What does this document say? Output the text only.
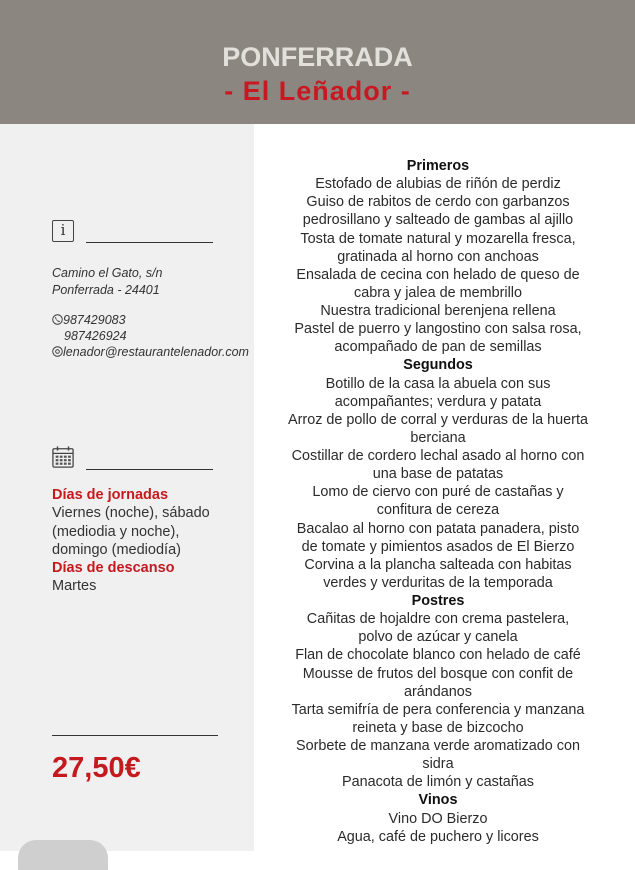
PONFERRADA
- El Leñador -
i
Camino el Gato, s/n
Ponferrada - 24401
987429083
987426924
lenador@restaurantelenador.com
Días de jornadas
Viernes (noche), sábado
(mediodia y noche),
domingo (mediodía)
Días de descanso
Martes
27,50€
Primeros
Estofado de alubias de riñón de perdiz
Guiso de rabitos de cerdo con garbanzos
pedrosillano y salteado de gambas al ajillo
Tosta de tomate natural y mozarella fresca,
gratinada al horno con anchoas
Ensalada de cecina con helado de queso de
cabra y jalea de membrillo
Nuestra tradicional berenjena rellena
Pastel de puerro y langostino con salsa rosa,
acompañado de pan de semillas
Segundos
Botillo de la casa la abuela con sus
acompañantes; verdura y patata
Arroz de pollo de corral y verduras de la huerta
berciana
Costillar de cordero lechal asado al horno con
una base de patatas
Lomo de ciervo con puré de castañas y
confitura de cereza
Bacalao al horno con patata panadera, pisto
de tomate y pimientos asados de El Bierzo
Corvina a la plancha salteada con habitas
verdes y verduritas de la temporada
Postres
Cañitas de hojaldre con crema pastelera,
polvo de azúcar y canela
Flan de chocolate blanco con helado de café
Mousse de frutos del bosque con confit de
arándanos
Tarta semifría de pera conferencia y manzana
reineta y base de bizcocho
Sorbete de manzana verde aromatizado con
sidra
Panacota de limón y castañas
Vinos
Vino DO Bierzo
Agua, café de puchero y licores
